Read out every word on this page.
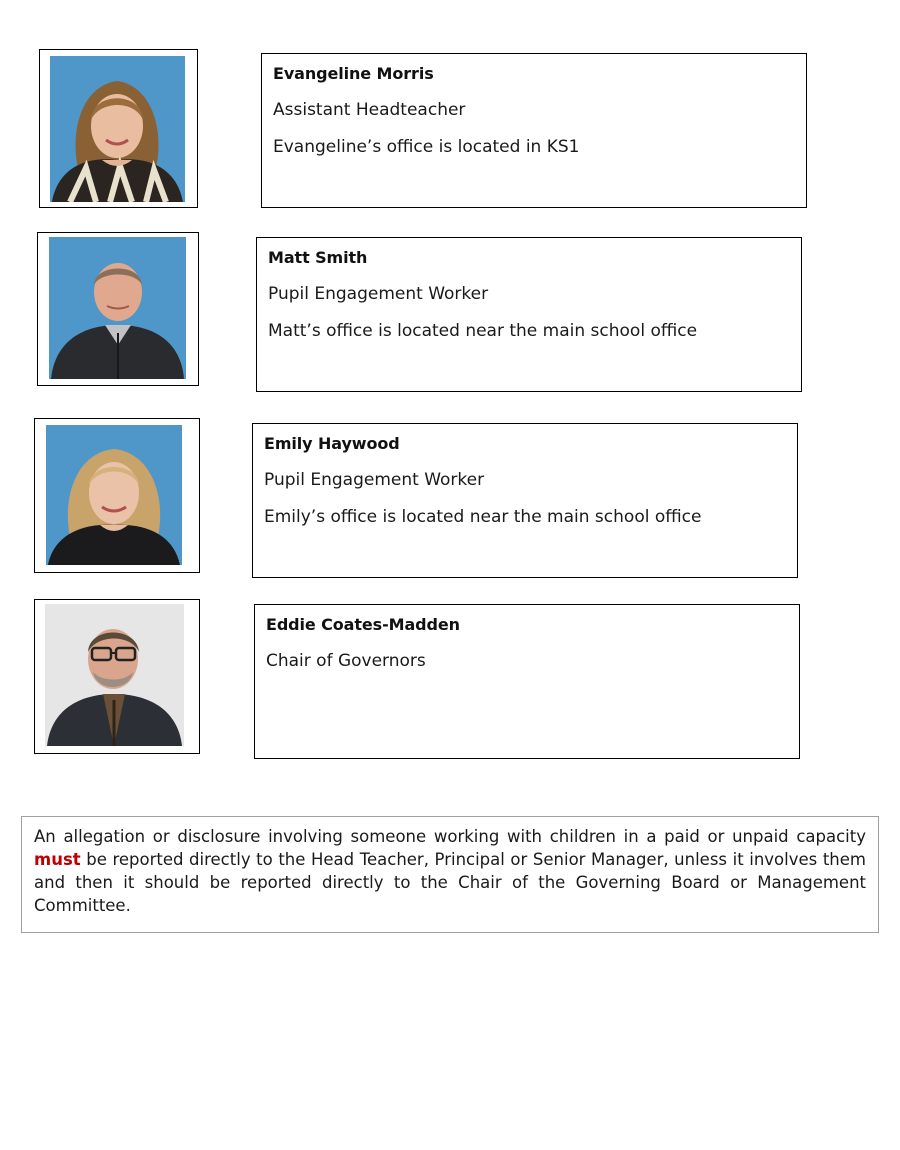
Evangeline Morris
Assistant Headteacher
Evangeline’s office is located in KS1
Matt Smith
Pupil Engagement Worker
Matt’s office is located near the main school office
Emily Haywood
Pupil Engagement Worker
Emily’s office is located near the main school office
Eddie Coates-Madden
Chair of Governors

An allegation or disclosure involving someone working with children in a paid or unpaid capacity must be reported directly to the Head Teacher, Principal or Senior Manager, unless it involves them and then it should be reported directly to the Chair of the Governing Board or Management Committee.
